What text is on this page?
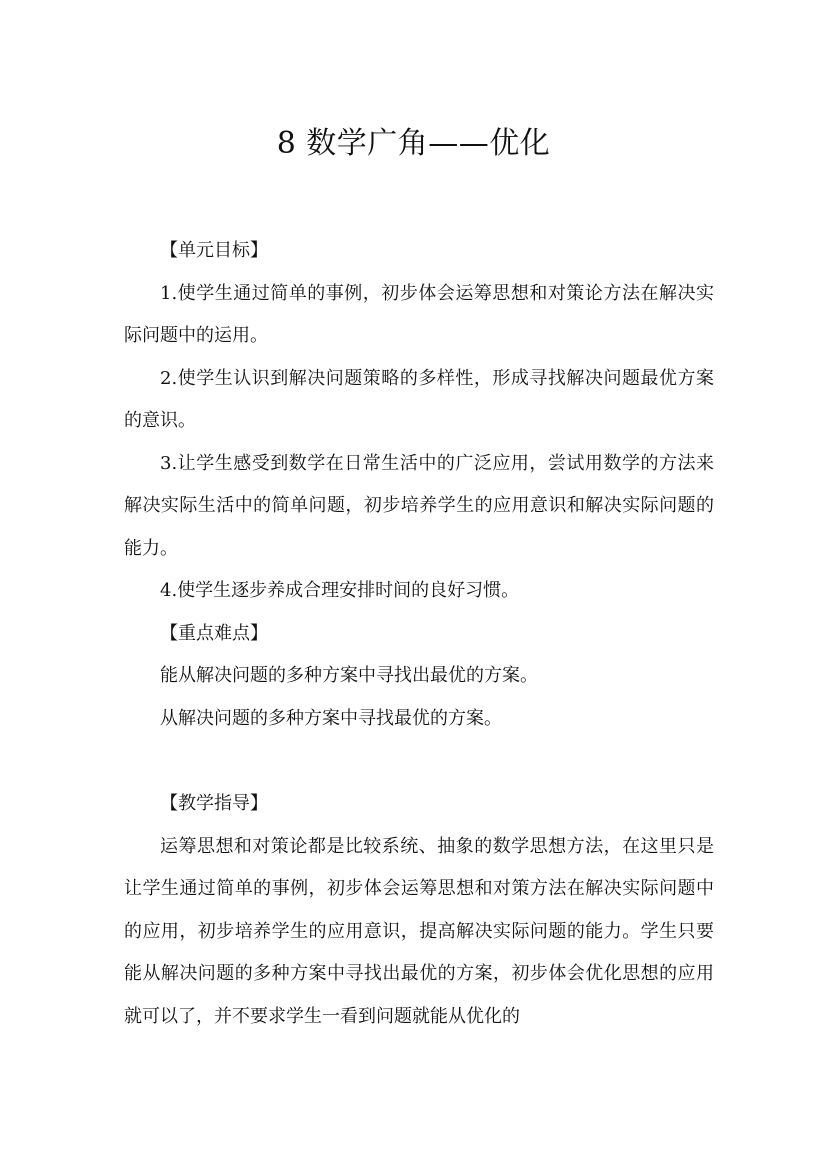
8 数学广角——优化

【单元目标】

1.使学生通过简单的事例，初步体会运筹思想和对策论方法在解决实际问题中的运用。

2.使学生认识到解决问题策略的多样性，形成寻找解决问题最优方案的意识。

3.让学生感受到数学在日常生活中的广泛应用，尝试用数学的方法来解决实际生活中的简单问题，初步培养学生的应用意识和解决实际问题的能力。

4.使学生逐步养成合理安排时间的良好习惯。

【重点难点】

能从解决问题的多种方案中寻找出最优的方案。

从解决问题的多种方案中寻找最优的方案。

【教学指导】

运筹思想和对策论都是比较系统、抽象的数学思想方法，在这里只是让学生通过简单的事例，初步体会运筹思想和对策方法在解决实际问题中的应用，初步培养学生的应用意识，提高解决实际问题的能力。学生只要能从解决问题的多种方案中寻找出最优的方案，初步体会优化思想的应用就可以了，并不要求学生一看到问题就能从优化的
